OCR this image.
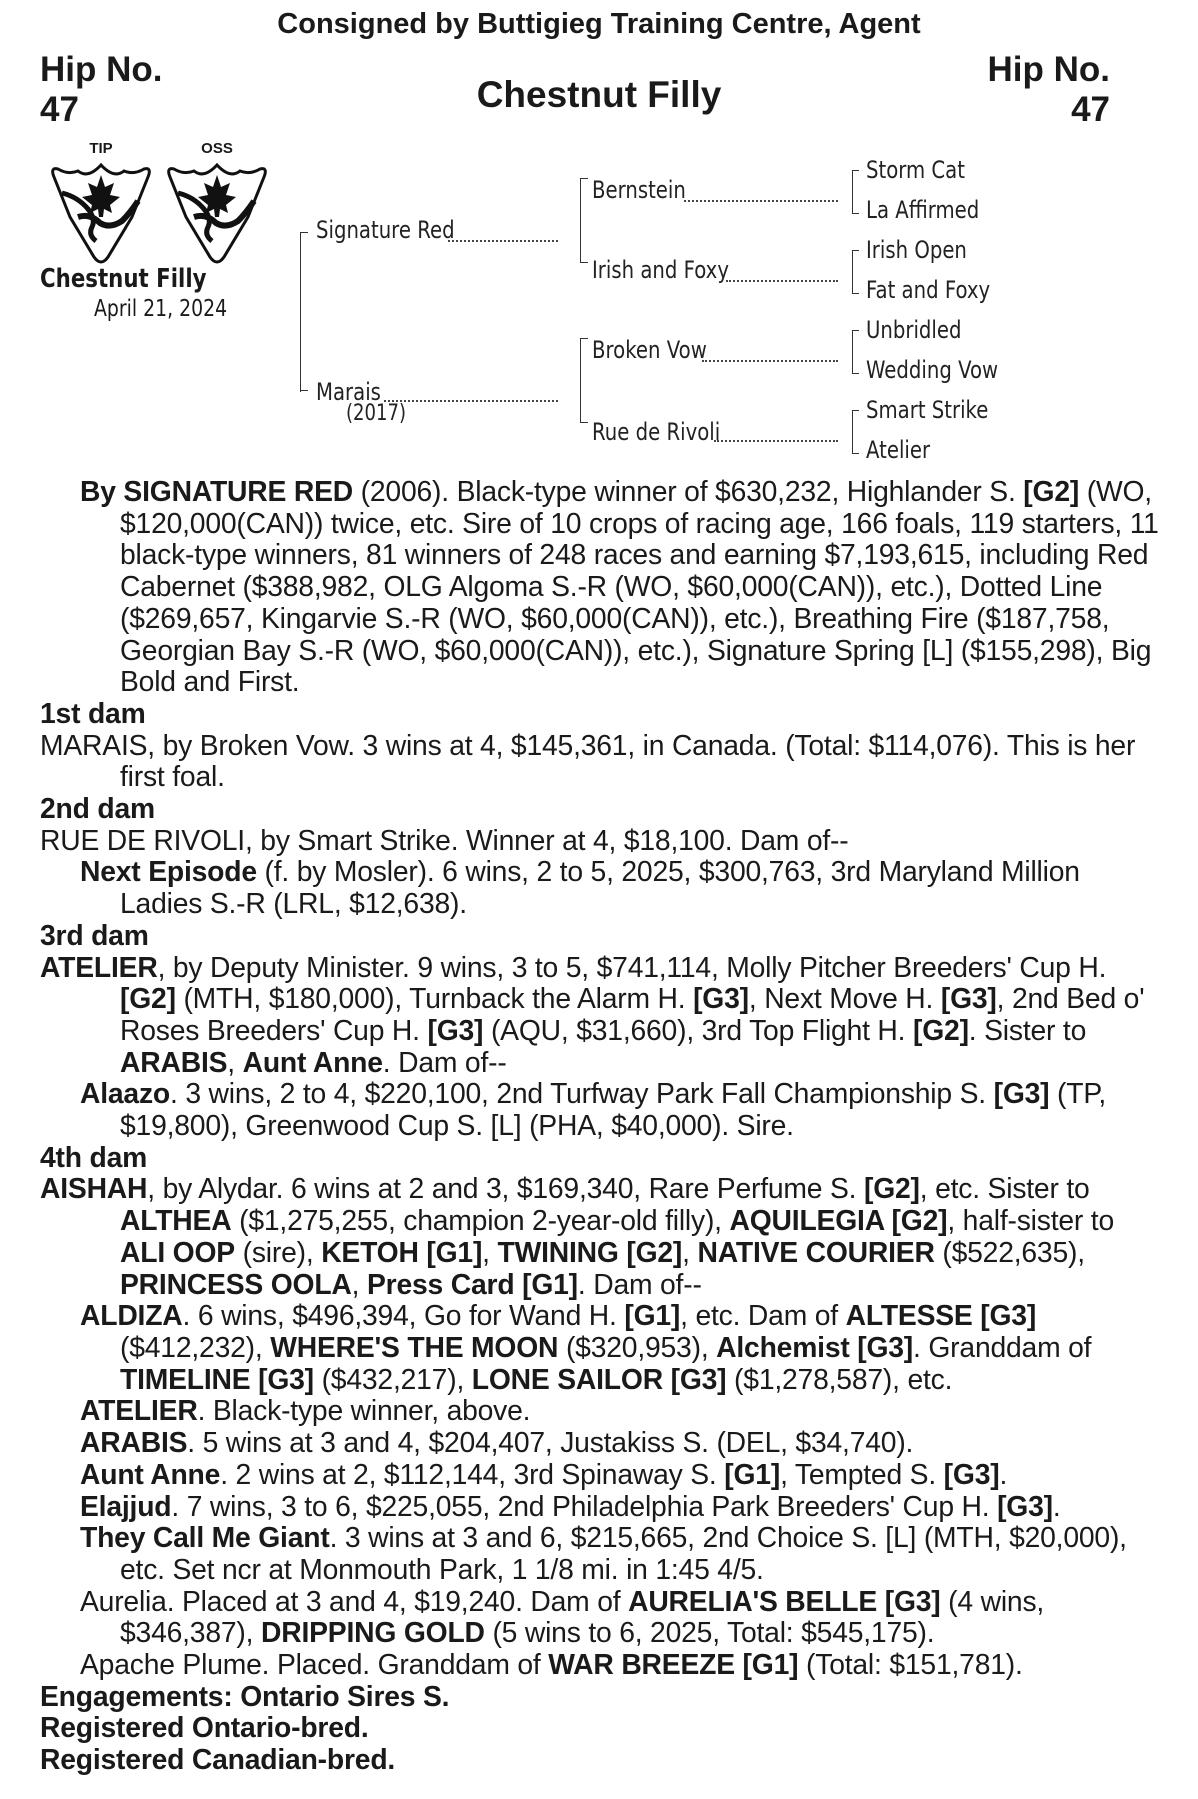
Consigned by Buttigieg Training Centre, Agent
Hip No.
47
Hip No.
47
Chestnut Filly
TIP	OSS
Chestnut Filly
April 21, 2024
Signature Red
Marais
(2017)
Bernstein
Irish and Foxy
Broken Vow
Rue de Rivoli
Storm Cat
La Affirmed
Irish Open
Fat and Foxy
Unbridled
Wedding Vow
Smart Strike
Atelier

By SIGNATURE RED (2006). Black-type winner of $630,232, Highlander S. [G2] (WO, $120,000(CAN)) twice, etc. Sire of 10 crops of racing age, 166 foals, 119 starters, 11 black-type winners, 81 winners of 248 races and earning $7,193,615, including Red Cabernet ($388,982, OLG Algoma S.-R (WO, $60,000(CAN)), etc.), Dotted Line ($269,657, Kingarvie S.-R (WO, $60,000(CAN)), etc.), Breathing Fire ($187,758, Georgian Bay S.-R (WO, $60,000(CAN)), etc.), Signature Spring [L] ($155,298), Big Bold and First.

1st dam

MARAIS, by Broken Vow. 3 wins at 4, $145,361, in Canada. (Total: $114,076). This is her first foal.

2nd dam

RUE DE RIVOLI, by Smart Strike. Winner at 4, $18,100. Dam of--

Next Episode (f. by Mosler). 6 wins, 2 to 5, 2025, $300,763, 3rd Maryland Million Ladies S.-R (LRL, $12,638).

3rd dam

ATELIER, by Deputy Minister. 9 wins, 3 to 5, $741,114, Molly Pitcher Breeders' Cup H. [G2] (MTH, $180,000), Turnback the Alarm H. [G3], Next Move H. [G3], 2nd Bed o' Roses Breeders' Cup H. [G3] (AQU, $31,660), 3rd Top Flight H. [G2]. Sister to ARABIS, Aunt Anne. Dam of--

Alaazo. 3 wins, 2 to 4, $220,100, 2nd Turfway Park Fall Championship S. [G3] (TP, $19,800), Greenwood Cup S. [L] (PHA, $40,000). Sire.

4th dam

AISHAH, by Alydar. 6 wins at 2 and 3, $169,340, Rare Perfume S. [G2], etc. Sister to ALTHEA ($1,275,255, champion 2-year-old filly), AQUILEGIA [G2], half-sister to ALI OOP (sire), KETOH [G1], TWINING [G2], NATIVE COURIER ($522,635), PRINCESS OOLA, Press Card [G1]. Dam of--

ALDIZA. 6 wins, $496,394, Go for Wand H. [G1], etc. Dam of ALTESSE [G3] ($412,232), WHERE'S THE MOON ($320,953), Alchemist [G3]. Granddam of TIMELINE [G3] ($432,217), LONE SAILOR [G3] ($1,278,587), etc.

ATELIER. Black-type winner, above.

ARABIS. 5 wins at 3 and 4, $204,407, Justakiss S. (DEL, $34,740).

Aunt Anne. 2 wins at 2, $112,144, 3rd Spinaway S. [G1], Tempted S. [G3].

Elajjud. 7 wins, 3 to 6, $225,055, 2nd Philadelphia Park Breeders' Cup H. [G3].

They Call Me Giant. 3 wins at 3 and 6, $215,665, 2nd Choice S. [L] (MTH, $20,000), etc. Set ncr at Monmouth Park, 1 1/8 mi. in 1:45 4/5.

Aurelia. Placed at 3 and 4, $19,240. Dam of AURELIA'S BELLE [G3] (4 wins, $346,387), DRIPPING GOLD (5 wins to 6, 2025, Total: $545,175).

Apache Plume. Placed. Granddam of WAR BREEZE [G1] (Total: $151,781).

Engagements: Ontario Sires S.

Registered Ontario-bred.

Registered Canadian-bred.
